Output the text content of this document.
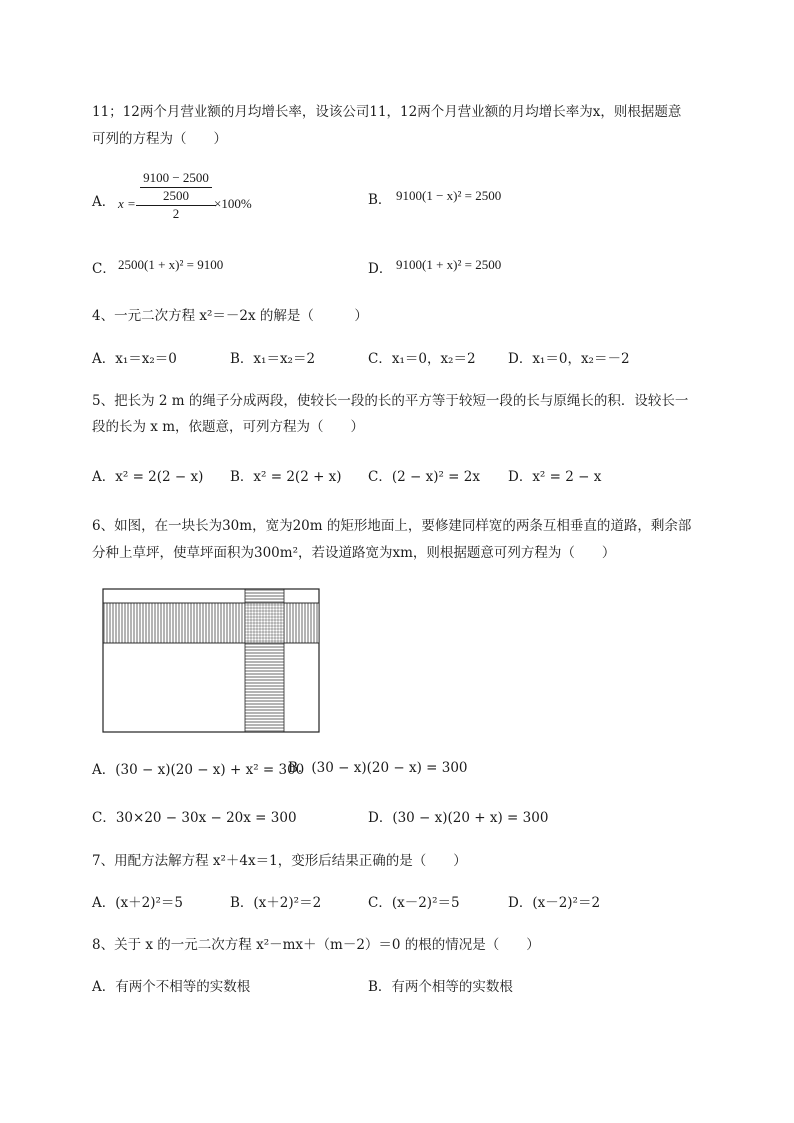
11；12两个月营业额的月均增长率，设该公司11，12两个月营业额的月均增长率为x，则根据题意
可列的方程为（　　）
A． x =
9100 − 2500
2500
2
×100%	B． 9100(1 − x)² = 2500
C． 2500(1 + x)² = 9100	D． 9100(1 + x)² = 2500
4、一元二次方程 x²＝－2x 的解是（　　　）
A．x₁＝x₂＝0	B．x₁＝x₂＝2	C．x₁＝0，x₂＝2 D．x₁＝0，x₂＝－2
5、把长为 2 m 的绳子分成两段，使较长一段的长的平方等于较短一段的长与原绳长的积．设较长一
段的长为 x m，依题意，可列方程为（　　）
A．x² = 2(2 − x) B．x² = 2(2 + x) C．(2 − x)² = 2x D．x² = 2 − x
6、如图，在一块长为30m，宽为20m 的矩形地面上，要修建同样宽的两条互相垂直的道路，剩余部
分种上草坪，使草坪面积为300m²，若设道路宽为xm，则根据题意可列方程为（　　）
A．(30 − x)(20 − x) + x² = 300
B．(30 − x)(20 − x) = 300
C．30×20 − 30x − 20x = 300	D．(30 − x)(20 + x) = 300
7、用配方法解方程 x²＋4x＝1，变形后结果正确的是（　　）
A．(x＋2)²＝5	B．(x＋2)²＝2	C．(x－2)²＝5	D．(x－2)²＝2
8、关于 x 的一元二次方程 x²－mx＋（m－2）＝0 的根的情况是（　　）
A．有两个不相等的实数根	B．有两个相等的实数根
